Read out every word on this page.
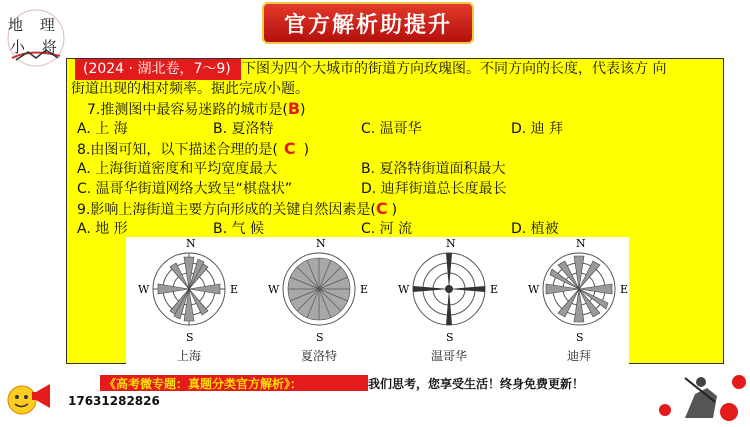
地 理
小 将
官方解析助提升
(2024 · 湖北卷，7～9) 下图为四个大城市的街道方向玫瑰图。不同方向的长度，代表该方 向
街道出现的相对频率。据此完成小题。
7.推测图中最容易迷路的城市是(B)
A. 上 海	B. 夏洛特	C. 温哥华	D. 迪 拜
8.由图可知，以下描述合理的是( C )
A. 上海街道密度和平均宽度最大	B. 夏洛特街道面积最大
C. 温哥华街道网络大致呈“棋盘状”	D. 迪拜街道总长度最长
9.影响上海街道主要方向形成的关键自然因素是(C )
A. 地 形	B. 气 候	C. 河 流	D. 植被
N
S
W	E
上海
N
S
W	E
夏洛特
N
S
W	E
温哥华
N
S
W	E
迪拜
17631282826
《高考微专题：真题分类官方解析》：	我们思考，您享受生活！终身免费更新！
